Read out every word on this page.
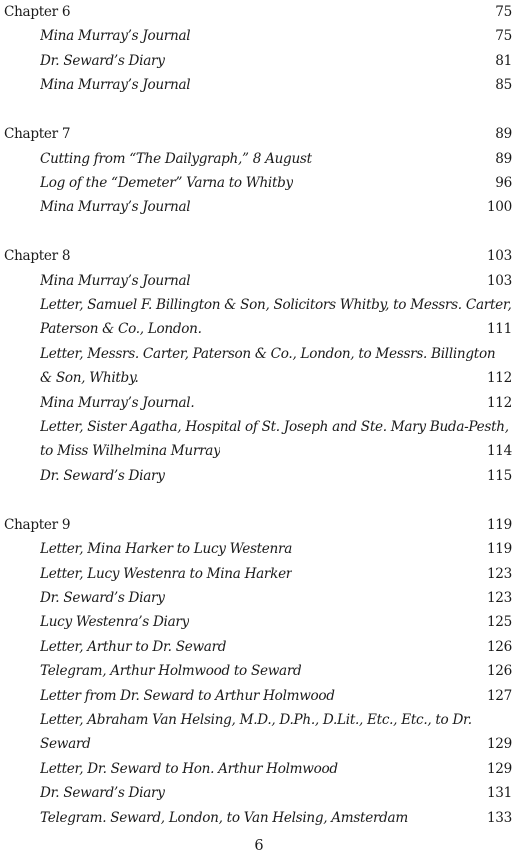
Chapter 6	75
Mina Murray’s Journal	75
Dr. Seward’s Diary	81
Mina Murray’s Journal	85
Chapter 7	89
Cutting from “The Dailygraph,” 8 August	89
Log of the “Demeter” Varna to Whitby	96
Mina Murray’s Journal	100
Chapter 8	103
Mina Murray’s Journal	103
Letter, Samuel F. Billington & Son, Solicitors Whitby, to Messrs. Carter,
Paterson & Co., London.	111
Letter, Messrs. Carter, Paterson & Co., London, to Messrs. Billington
& Son, Whitby.	112
Mina Murray’s Journal.	112
Letter, Sister Agatha, Hospital of St. Joseph and Ste. Mary Buda-Pesth,
to Miss Wilhelmina Murray	114
Dr. Seward’s Diary	115
Chapter 9	119
Letter, Mina Harker to Lucy Westenra	119
Letter, Lucy Westenra to Mina Harker	123
Dr. Seward’s Diary	123
Lucy Westenra’s Diary	125
Letter, Arthur to Dr. Seward	126
Telegram, Arthur Holmwood to Seward	126
Letter from Dr. Seward to Arthur Holmwood	127
Letter, Abraham Van Helsing, M.D., D.Ph., D.Lit., Etc., Etc., to Dr.
Seward	129
Letter, Dr. Seward to Hon. Arthur Holmwood	129
Dr. Seward’s Diary	131
Telegram. Seward, London, to Van Helsing, Amsterdam	133
6
